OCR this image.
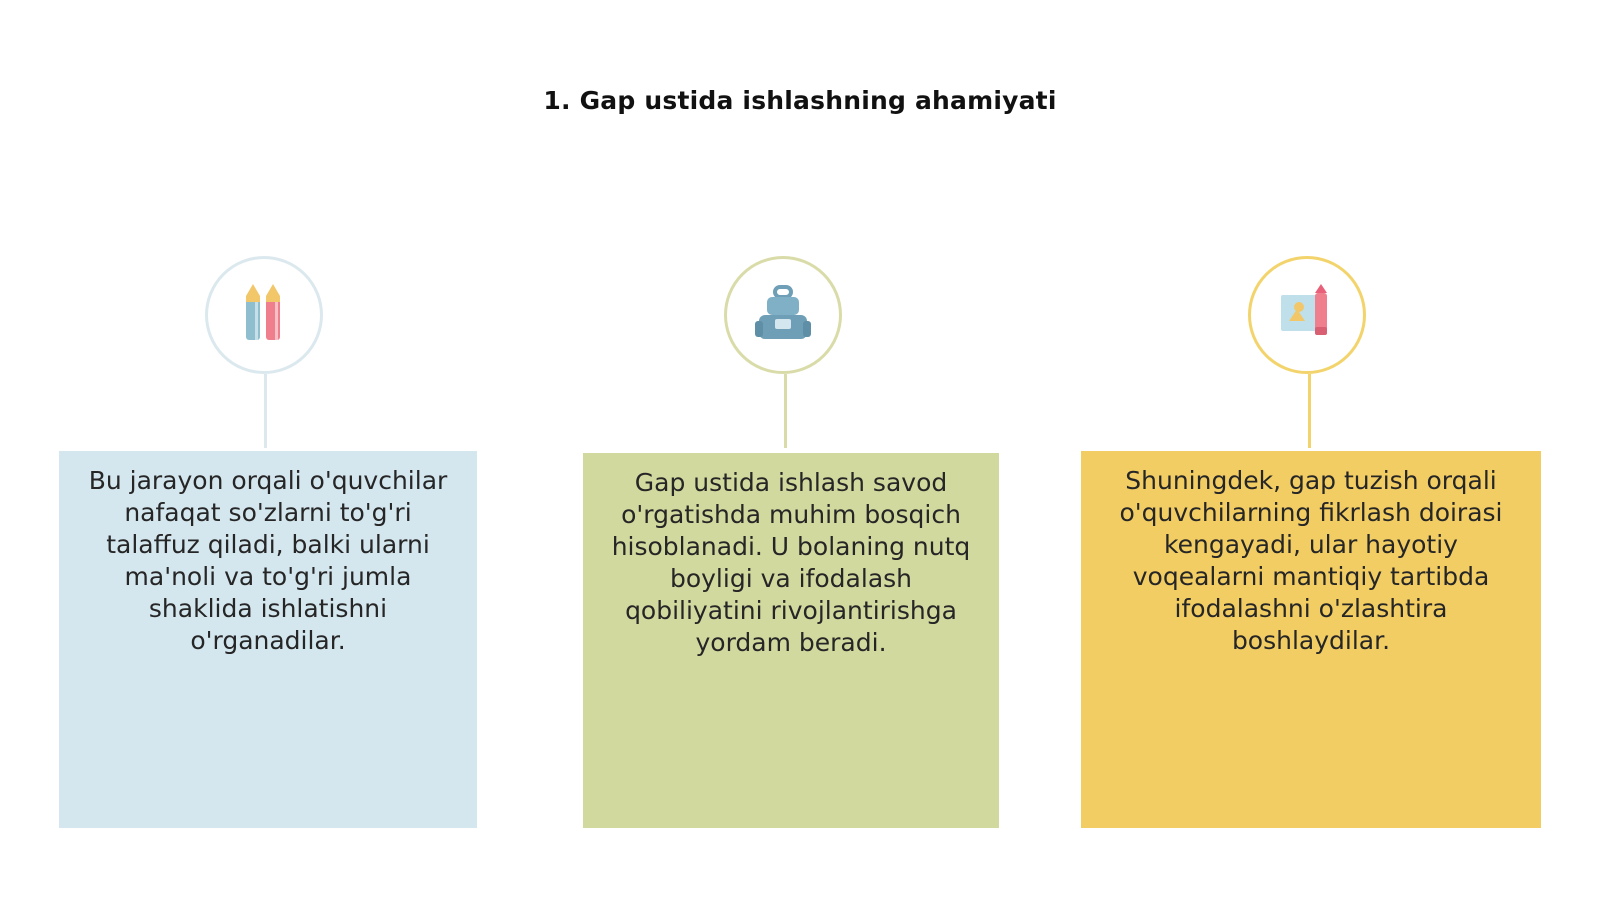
1. Gap ustida ishlashning ahamiyati
Bu jarayon orqali o'quvchilar nafaqat so'zlarni to'g'ri talaffuz qiladi, balki ularni ma'noli va to'g'ri jumla shaklida ishlatishni o'rganadilar.
Gap ustida ishlash savod o'rgatishda muhim bosqich hisoblanadi. U bolaning nutq boyligi va ifodalash qobiliyatini rivojlantirishga yordam beradi.
Shuningdek, gap tuzish orqali o'quvchilarning fikrlash doirasi kengayadi, ular hayotiy voqealarni mantiqiy tartibda ifodalashni o'zlashtira boshlaydilar.
